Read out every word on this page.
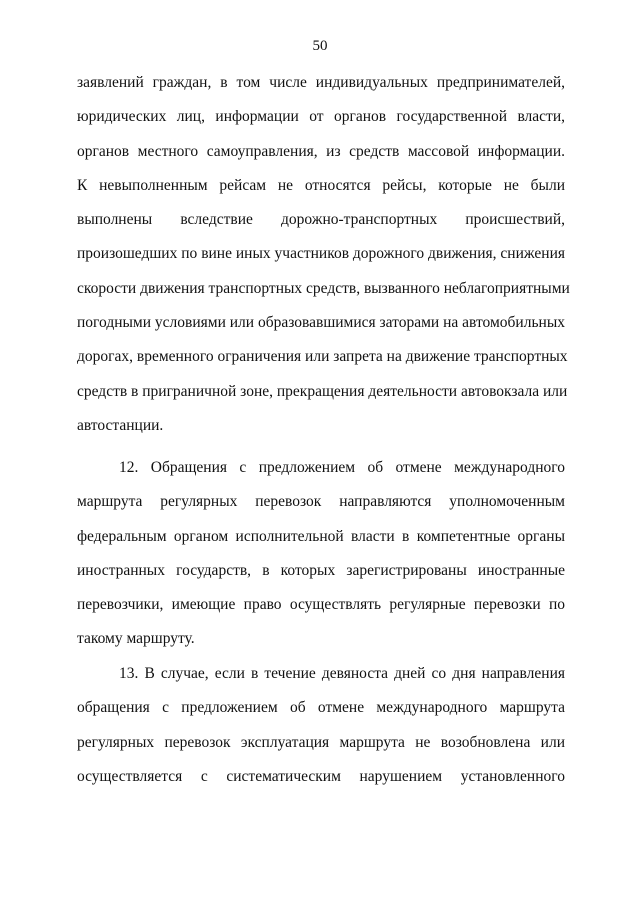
50
заявлений граждан, в том числе индивидуальных предпринимателей,
юридических лиц, информации от органов государственной власти,
органов местного самоуправления, из средств массовой информации.
К невыполненным рейсам не относятся рейсы, которые не были
выполнены вследствие дорожно-транспортных происшествий,
произошедших по вине иных участников дорожного движения, снижения
скорости движения транспортных средств, вызванного неблагоприятными
погодными условиями или образовавшимися заторами на автомобильных
дорогах, временного ограничения или запрета на движение транспортных
средств в приграничной зоне, прекращения деятельности автовокзала или
автостанции.
12. Обращения с предложением об отмене международного
маршрута регулярных перевозок направляются уполномоченным
федеральным органом исполнительной власти в компетентные органы
иностранных государств, в которых зарегистрированы иностранные
перевозчики, имеющие право осуществлять регулярные перевозки по
такому маршруту.
13. В случае, если в течение девяноста дней со дня направления
обращения с предложением об отмене международного маршрута
регулярных перевозок эксплуатация маршрута не возобновлена или
осуществляется с систематическим нарушением установленного
